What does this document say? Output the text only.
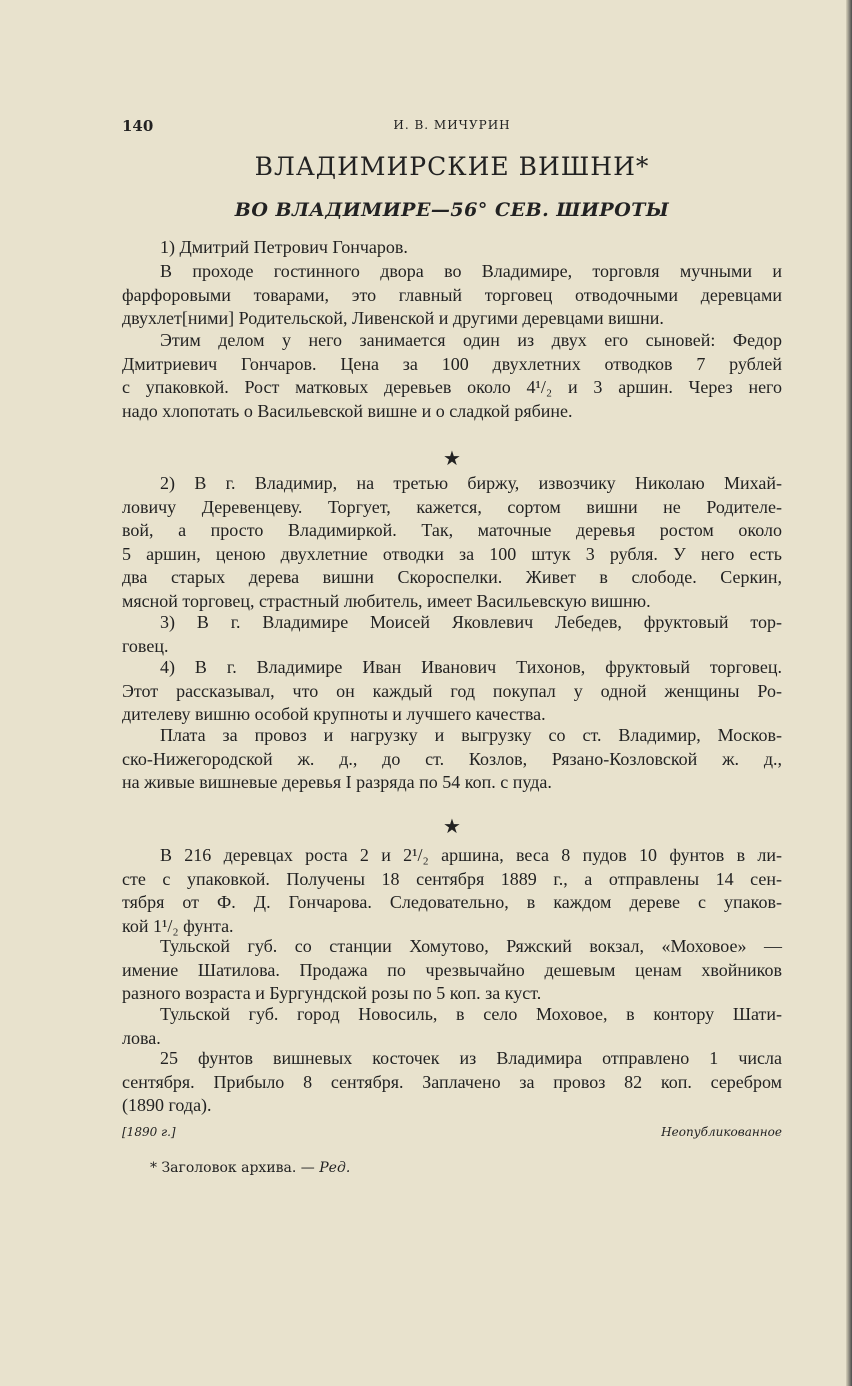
140	И. В. МИЧУРИН
ВЛАДИМИРСКИЕ ВИШНИ*
ВО ВЛАДИМИРЕ—56° СЕВ. ШИРОТЫ
1) Дмитрий Петрович Гончаров.
В проходе гостинного двора во Владимире, торговля мучными и
фарфоровыми товарами, это главный торговец отводочными деревцами
двухлет[ними] Родительской, Ливенской и другими деревцами вишни.
Этим делом у него занимается один из двух его сыновей: Федор
Дмитриевич Гончаров. Цена за 100 двухлетних отводков 7 рублей
с упаковкой. Рост матковых деревьев около 4¹/₂ и 3 аршин. Через него
надо хлопотать о Васильевской вишне и о сладкой рябине.
★
2) В г. Владимир, на третью биржу, извозчику Николаю Михай-
ловичу Деревенцеву. Торгует, кажется, сортом вишни не Родителе-
вой, а просто Владимиркой. Так, маточные деревья ростом около
5 аршин, ценою двухлетние отводки за 100 штук 3 рубля. У него есть
два старых дерева вишни Скороспелки. Живет в слободе. Серкин,
мясной торговец, страстный любитель, имеет Васильевскую вишню.
3) В г. Владимире Моисей Яковлевич Лебедев, фруктовый тор-
говец.
4) В г. Владимире Иван Иванович Тихонов, фруктовый торговец.
Этот рассказывал, что он каждый год покупал у одной женщины Ро-
дителеву вишню особой крупноты и лучшего качества.
Плата за провоз и нагрузку и выгрузку со ст. Владимир, Москов-
ско-Нижегородской ж. д., до ст. Козлов, Рязано-Козловской ж. д.,
на живые вишневые деревья I разряда по 54 коп. с пуда.
★
В 216 деревцах роста 2 и 2¹/₂ аршина, веса 8 пудов 10 фунтов в ли-
сте с упаковкой. Получены 18 сентября 1889 г., а отправлены 14 сен-
тября от Ф. Д. Гончарова. Следовательно, в каждом дереве с упаков-
кой 1¹/₂ фунта.
Тульской губ. со станции Хомутово, Ряжский вокзал, «Моховое» —
имение Шатилова. Продажа по чрезвычайно дешевым ценам хвойников
разного возраста и Бургундской розы по 5 коп. за куст.
Тульской губ. город Новосиль, в село Моховое, в контору Шати-
лова.
25 фунтов вишневых косточек из Владимира отправлено 1 числа
сентября. Прибыло 8 сентября. Заплачено за провоз 82 коп. серебром
(1890 года).
[1890 г.]	Неопубликованное
* Заголовок архива. — Ред.
